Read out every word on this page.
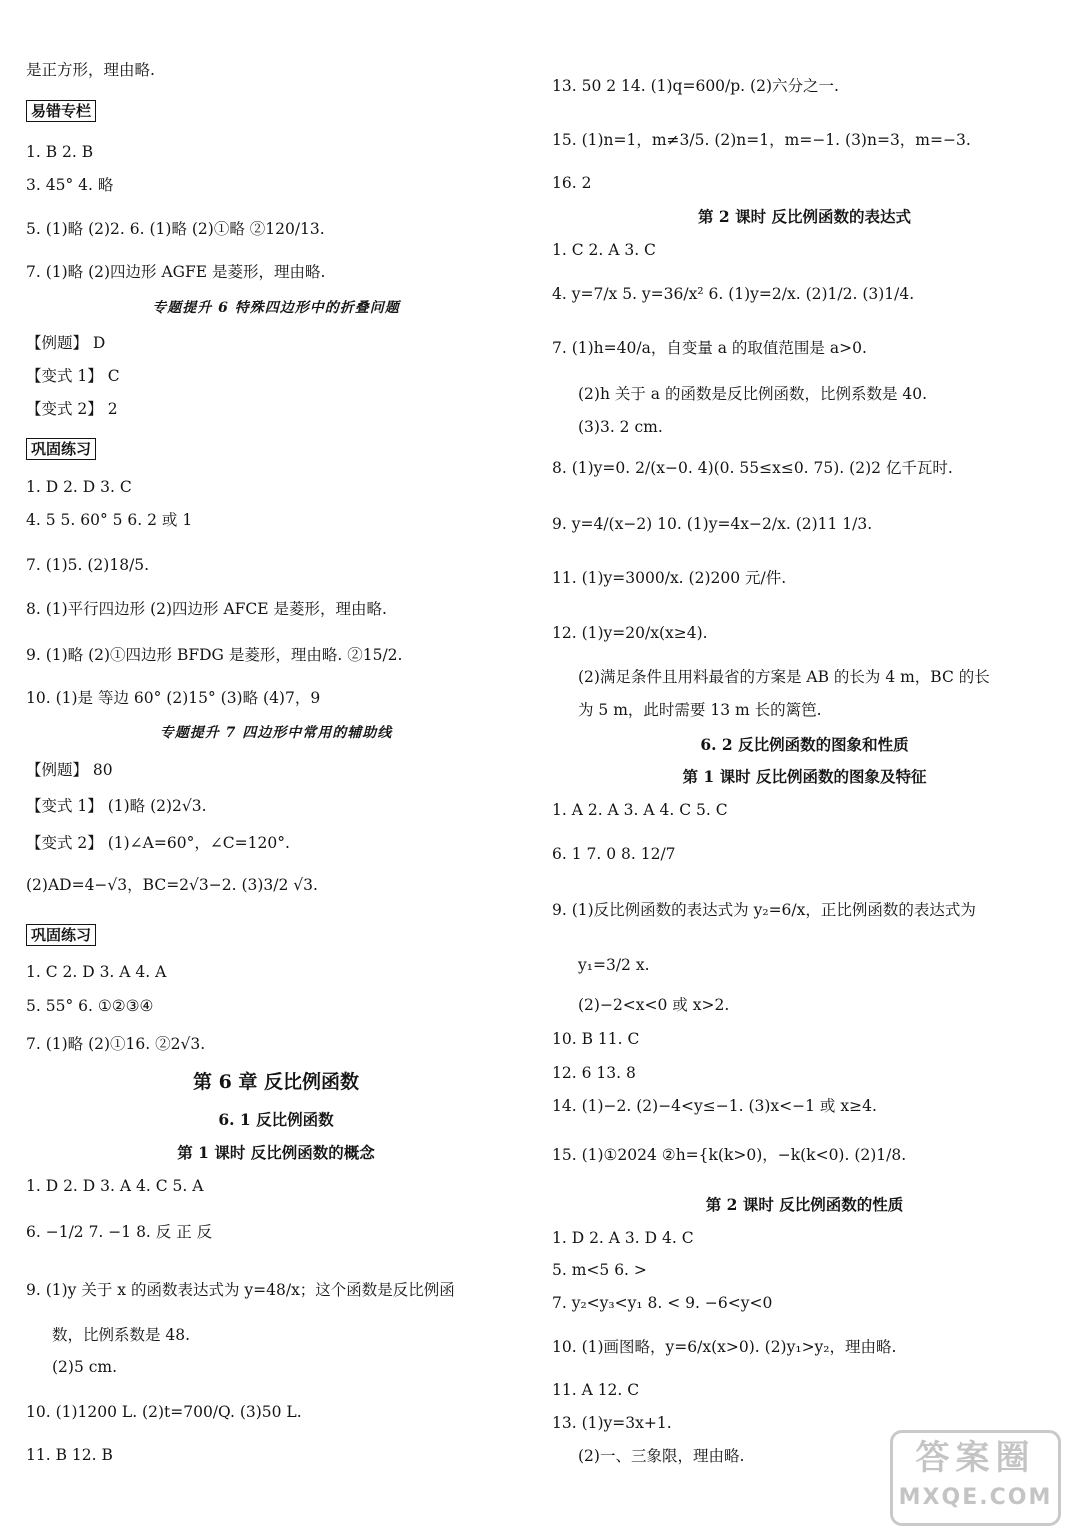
是正方形，理由略.
易错专栏
1. B 2. B
3. 45° 4. 略
5. (1)略 (2)2. 6. (1)略 (2)①略 ②120/13.
7. (1)略 (2)四边形 AGFE 是菱形，理由略.
专题提升 6 特殊四边形中的折叠问题
【例题】 D
【变式 1】 C
【变式 2】 2
巩固练习
1. D 2. D 3. C
4. 5 5. 60° 5 6. 2 或 1
7. (1)5. (2)18/5.
8. (1)平行四边形 (2)四边形 AFCE 是菱形，理由略.
9. (1)略 (2)①四边形 BFDG 是菱形，理由略. ②15/2.
10. (1)是 等边 60° (2)15° (3)略 (4)7，9
专题提升 7 四边形中常用的辅助线
【例题】 80
【变式 1】 (1)略 (2)2√3.
【变式 2】 (1)∠A=60°，∠C=120°.
(2)AD=4−√3，BC=2√3−2. (3)3/2 √3.
巩固练习
1. C 2. D 3. A 4. A
5. 55° 6. ①②③④
7. (1)略 (2)①16. ②2√3.
第 6 章 反比例函数
6. 1 反比例函数
第 1 课时 反比例函数的概念
1. D 2. D 3. A 4. C 5. A
6. −1/2 7. −1 8. 反 正 反
9. (1)y 关于 x 的函数表达式为 y=48/x；这个函数是反比例函
数，比例系数是 48.
(2)5 cm.
10. (1)1200 L. (2)t=700/Q. (3)50 L.
11. B 12. B
13. 50 2 14. (1)q=600/p. (2)六分之一.
15. (1)n=1，m≠3/5. (2)n=1，m=−1. (3)n=3，m=−3.
16. 2
第 2 课时 反比例函数的表达式
1. C 2. A 3. C
4. y=7/x 5. y=36/x² 6. (1)y=2/x. (2)1/2. (3)1/4.
7. (1)h=40/a，自变量 a 的取值范围是 a>0.
(2)h 关于 a 的函数是反比例函数，比例系数是 40.
(3)3. 2 cm.
8. (1)y=0. 2/(x−0. 4)(0. 55≤x≤0. 75). (2)2 亿千瓦时.
9. y=4/(x−2) 10. (1)y=4x−2/x. (2)11 1/3.
11. (1)y=3000/x. (2)200 元/件.
12. (1)y=20/x(x≥4).
(2)满足条件且用料最省的方案是 AB 的长为 4 m，BC 的长
为 5 m，此时需要 13 m 长的篱笆.
6. 2 反比例函数的图象和性质
第 1 课时 反比例函数的图象及特征
1. A 2. A 3. A 4. C 5. C
6. 1 7. 0 8. 12/7
9. (1)反比例函数的表达式为 y₂=6/x，正比例函数的表达式为
y₁=3/2 x.
(2)−2<x<0 或 x>2.
10. B 11. C
12. 6 13. 8
14. (1)−2. (2)−4<y≤−1. (3)x<−1 或 x≥4.
15. (1)①2024 ②h={k(k>0)，−k(k<0). (2)1/8.
第 2 课时 反比例函数的性质
1. D 2. A 3. D 4. C
5. m<5 6. >
7. y₂<y₃<y₁ 8. < 9. −6<y<0
10. (1)画图略，y=6/x(x>0). (2)y₁>y₂，理由略.
11. A 12. C
13. (1)y=3x+1.
(2)一、三象限，理由略.	答案圈
MXQE.COM
